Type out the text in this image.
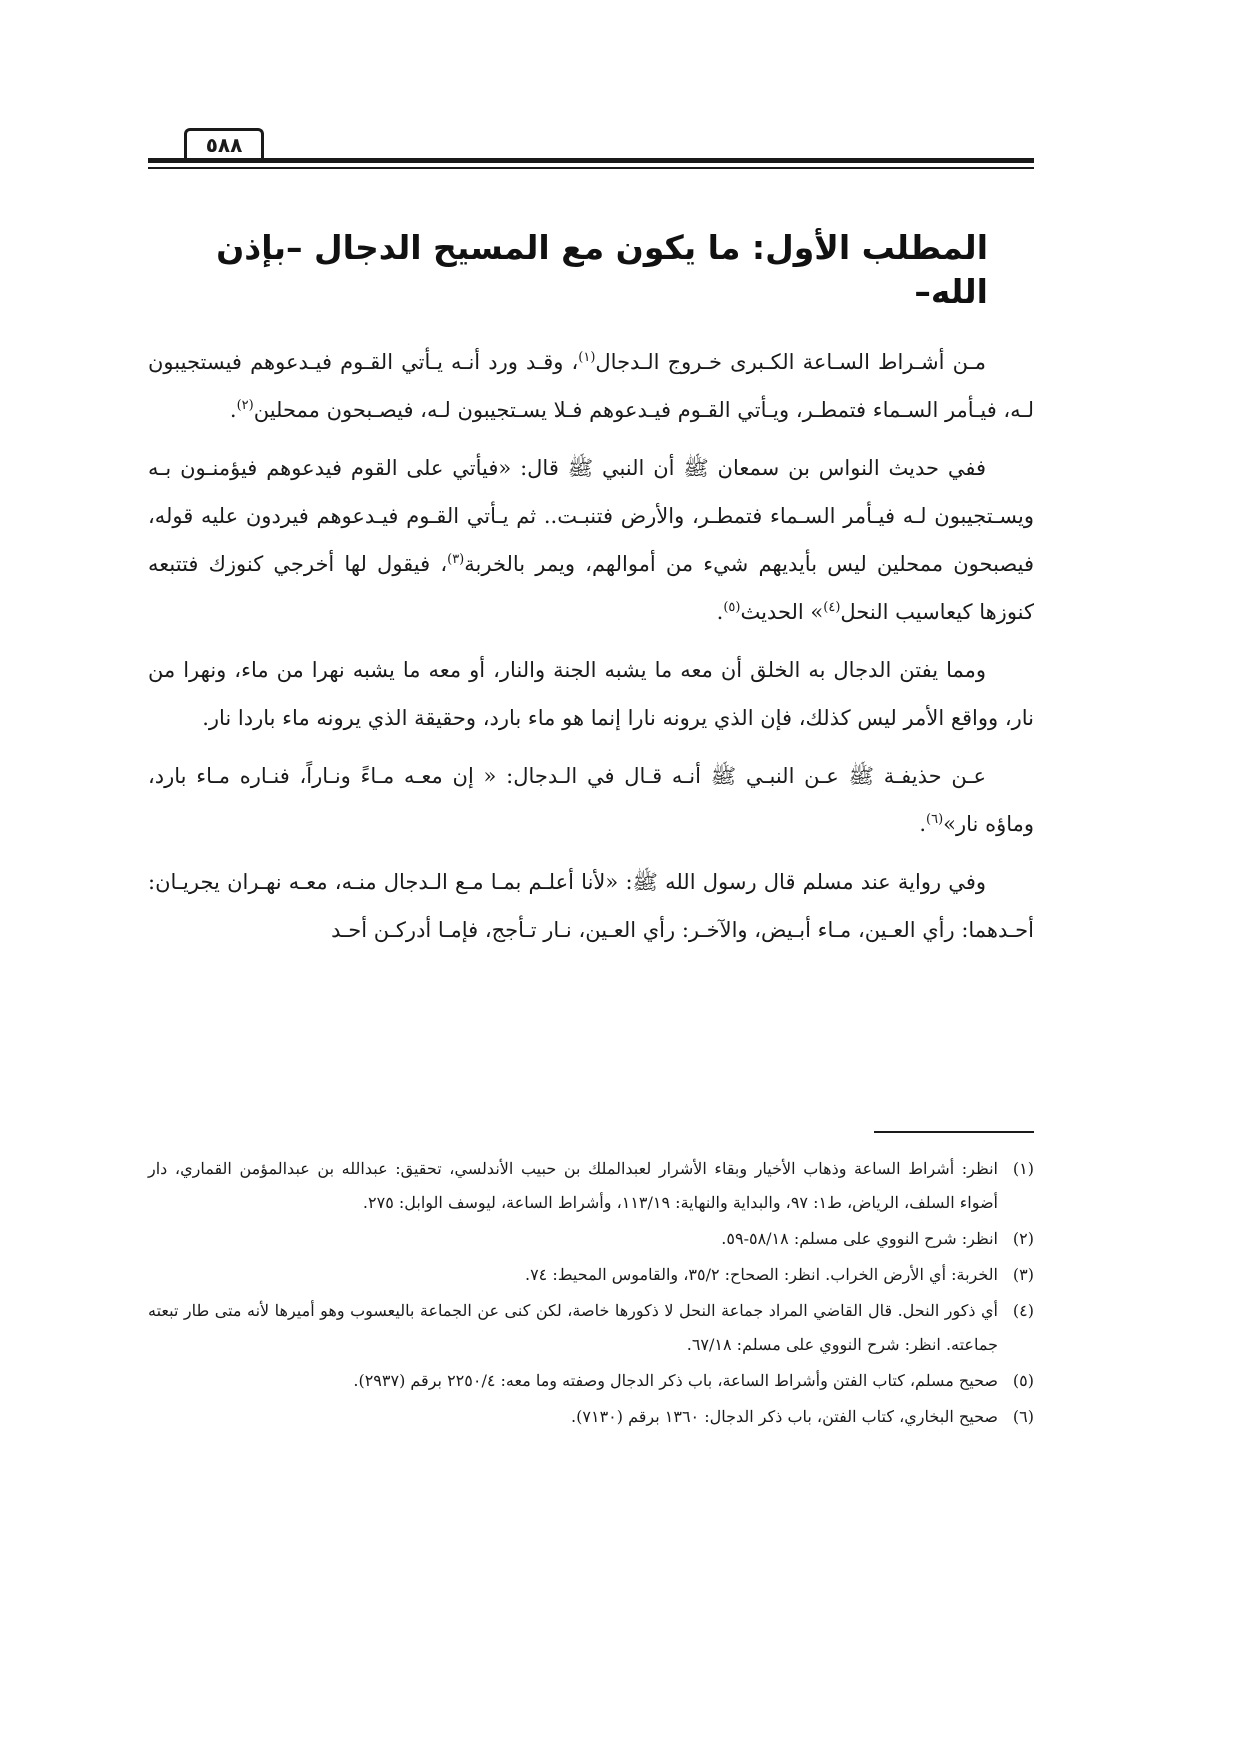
٥٨٨
المطلب الأول: ما يكون مع المسيح الدجال –بإذن الله–

مـن أشـراط السـاعة الكـبرى خـروج الـدجال$^{(١)}$، وقـد ورد أنـه يـأتي القـوم فيـدعوهم فيستجيبون لـه، فيـأمر السـماء فتمطـر، ويـأتي القـوم فيـدعوهم فـلا يسـتجيبون لـه، فيصـبحون ممحلين$^{(٢)}$.

ففي حديث النواس بن سمعان ﷺ أن النبي ﷺ قال: «فيأتي على القوم فيدعوهم فيؤمنـون بـه ويسـتجيبون لـه فيـأمر السـماء فتمطـر، والأرض فتنبـت.. ثم يـأتي القـوم فيـدعوهم فيردون عليه قوله، فيصبحون ممحلين ليس بأيديهم شيء من أموالهم، ويمر بالخربة$^{(٣)}$، فيقول لها أخرجي كنوزك فتتبعه كنوزها كيعاسيب النحل$^{(٤)}$» الحديث$^{(٥)}$.

ومما يفتن الدجال به الخلق أن معه ما يشبه الجنة والنار، أو معه ما يشبه نهرا من ماء، ونهرا من نار، وواقع الأمر ليس كذلك، فإن الذي يرونه نارا إنما هو ماء بارد، وحقيقة الذي يرونه ماء باردا نار.

عـن حذيفـة ﷺ عـن النبـي ﷺ أنـه قـال في الـدجال: « إن معـه مـاءً ونـاراً، فنـاره مـاء بارد، وماؤه نار»$^{(٦)}$.

وفي رواية عند مسلم قال رسول الله ﷺ: «لأنا أعلـم بمـا مـع الـدجال منـه، معـه نهـران يجريـان: أحـدهما: رأي العـين، مـاء أبـيض، والآخـر: رأي العـين، نـار تـأجج، فإمـا أدركـن أحـد

(١)انظر: أشراط الساعة وذهاب الأخيار وبقاء الأشرار لعبدالملك بن حبيب الأندلسي، تحقيق: عبدالله بن عبدالمؤمن القماري، دار أضواء السلف، الرياض، ط١: ٩٧، والبداية والنهاية: ١١٣/١٩، وأشراط الساعة، ليوسف الوابل: ٢٧٥.
(٢)انظر: شرح النووي على مسلم: ٥٨/١٨-٥٩.
(٣)الخربة: أي الأرض الخراب. انظر: الصحاح: ٣٥/٢، والقاموس المحيط: ٧٤.
(٤)أي ذكور النحل. قال القاضي المراد جماعة النحل لا ذكورها خاصة، لكن كنى عن الجماعة باليعسوب وهو أميرها لأنه متى طار تبعته جماعته. انظر: شرح النووي على مسلم: ٦٧/١٨.
(٥)صحيح مسلم، كتاب الفتن وأشراط الساعة، باب ذكر الدجال وصفته وما معه: ٢٢٥٠/٤ برقم (٢٩٣٧).
(٦)صحيح البخاري، كتاب الفتن، باب ذكر الدجال: ١٣٦٠ برقم (٧١٣٠).
